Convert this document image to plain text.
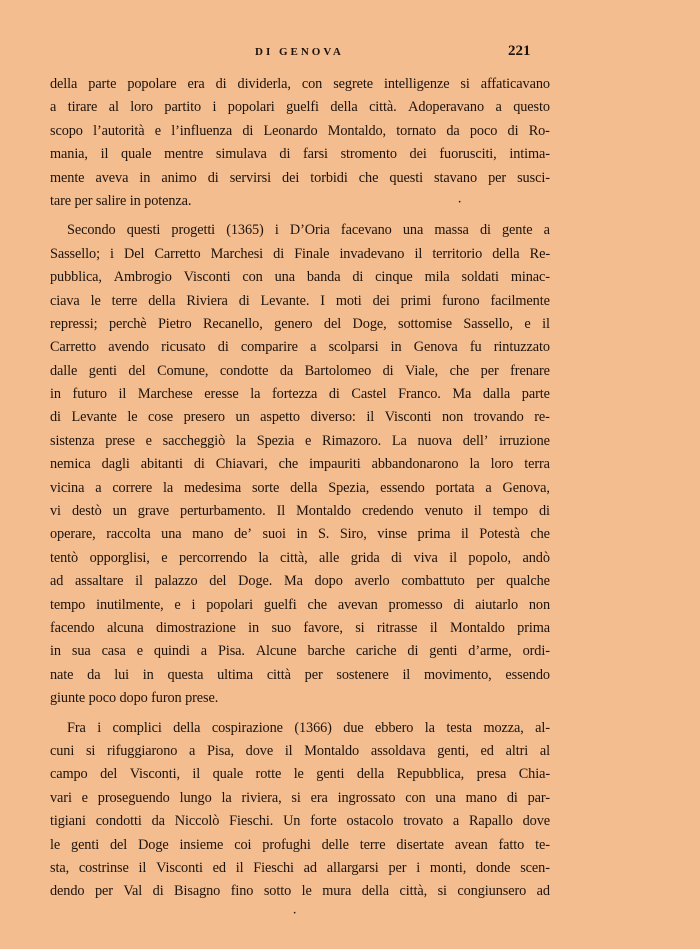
DI GENOVA	221
della parte popolare era di dividerla, con segrete intelligenze si affaticavano
a tirare al loro partito i popolari guelfi della città. Adoperavano a questo
scopo l’autorità e l’influenza di Leonardo Montaldo, tornato da poco di Ro-
mania, il quale mentre simulava di farsi stromento dei fuorusciti, intima-
mente aveva in animo di servirsi dei torbidi che questi stavano per susci-
tare per salire in potenza.
Secondo questi progetti (1365) i D’Oria facevano una massa di gente a
Sassello; i Del Carretto Marchesi di Finale invadevano il territorio della Re-
pubblica, Ambrogio Visconti con una banda di cinque mila soldati minac-
ciava le terre della Riviera di Levante. I moti dei primi furono facilmente
repressi; perchè Pietro Recanello, genero del Doge, sottomise Sassello, e il
Carretto avendo ricusato di comparire a scolparsi in Genova fu rintuzzato
dalle genti del Comune, condotte da Bartolomeo di Viale, che per frenare
in futuro il Marchese eresse la fortezza di Castel Franco. Ma dalla parte
di Levante le cose presero un aspetto diverso: il Visconti non trovando re-
sistenza prese e saccheggiò la Spezia e Rimazoro. La nuova dell’ irruzione
nemica dagli abitanti di Chiavari, che impauriti abbandonarono la loro terra
vicina a correre la medesima sorte della Spezia, essendo portata a Genova,
vi destò un grave perturbamento. Il Montaldo credendo venuto il tempo di
operare, raccolta una mano de’ suoi in S. Siro, vinse prima il Potestà che
tentò opporglisi, e percorrendo la città, alle grida di viva il popolo, andò
ad assaltare il palazzo del Doge. Ma dopo averlo combattuto per qualche
tempo inutilmente, e i popolari guelfi che avevan promesso di aiutarlo non
facendo alcuna dimostrazione in suo favore, si ritrasse il Montaldo prima
in sua casa e quindi a Pisa. Alcune barche cariche di genti d’arme, ordi-
nate da lui in questa ultima città per sostenere il movimento, essendo
giunte poco dopo furon prese.
Fra i complici della cospirazione (1366) due ebbero la testa mozza, al-
cuni si rifuggiarono a Pisa, dove il Montaldo assoldava genti, ed altri al
campo del Visconti, il quale rotte le genti della Repubblica, presa Chia-
vari e proseguendo lungo la riviera, si era ingrossato con una mano di par-
tigiani condotti da Niccolò Fieschi. Un forte ostacolo trovato a Rapallo dove
le genti del Doge insieme coi profughi delle terre disertate avean fatto te-
sta, costrinse il Visconti ed il Fieschi ad allargarsi per i monti, donde scen-
dendo per Val di Bisagno fino sotto le mura della città, si congiunsero ad
·
·
